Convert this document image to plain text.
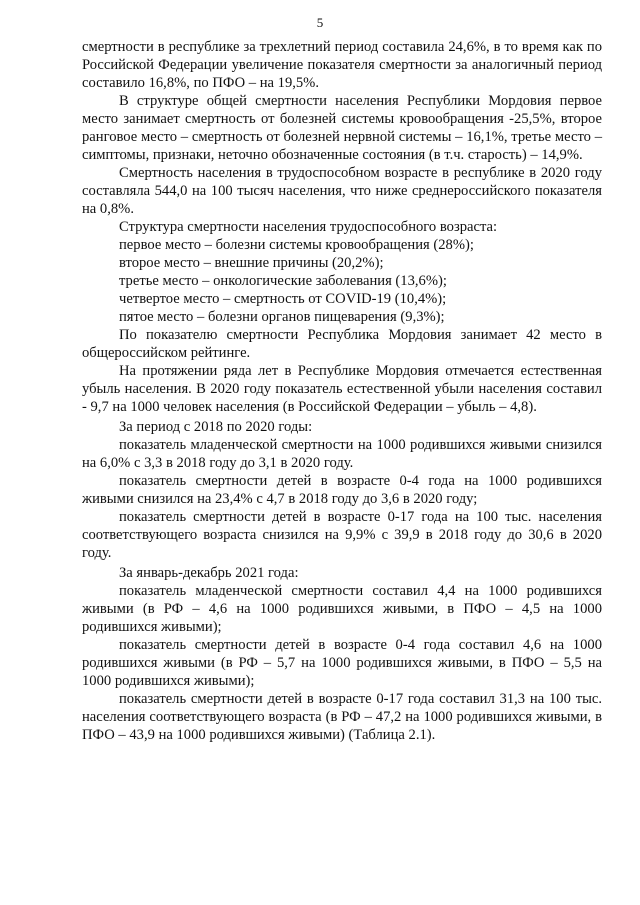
5

смертности в республике за трехлетний период составила 24,6%, в то время как по Российской Федерации увеличение показателя смертности за аналогичный период составило 16,8%, по ПФО – на 19,5%.

В структуре общей смертности населения Республики Мордовия первое место занимает смертность от болезней системы кровообращения -25,5%, второе ранговое место – смертность от болезней нервной системы – 16,1%, третье место – симптомы, признаки, неточно обозначенные состояния (в т.ч. старость) – 14,9%.

Смертность населения в трудоспособном возрасте в республике в 2020 году составляла 544,0 на 100 тысяч населения, что ниже среднероссийского показателя на 0,8%.

Структура смертности населения трудоспособного возраста:

первое место – болезни системы кровообращения (28%);

второе место – внешние причины (20,2%);

третье место – онкологические заболевания (13,6%);

четвертое место – смертность от COVID-19 (10,4%);

пятое место – болезни органов пищеварения (9,3%);

По показателю смертности Республика Мордовия занимает 42 место в общероссийском рейтинге.

На протяжении ряда лет в Республике Мордовия отмечается естественная убыль населения. В 2020 году показатель естественной убыли населения составил - 9,7 на 1000 человек населения (в Российской Федерации – убыль – 4,8).

За период с 2018 по 2020 годы:

показатель младенческой смертности на 1000 родившихся живыми снизился на 6,0% с 3,3 в 2018 году до 3,1 в 2020 году.

показатель смертности детей в возрасте 0-4 года на 1000 родившихся живыми снизился на 23,4% с 4,7 в 2018 году до 3,6 в 2020 году;

показатель смертности детей в возрасте 0-17 года на 100 тыс. населения соответствующего возраста снизился на 9,9% с 39,9 в 2018 году до 30,6 в 2020 году.

За январь-декабрь 2021 года:

показатель младенческой смертности составил 4,4 на 1000 родившихся живыми (в РФ – 4,6 на 1000 родившихся живыми, в ПФО – 4,5 на 1000 родившихся живыми);

показатель смертности детей в возрасте 0-4 года составил 4,6 на 1000 родившихся живыми (в РФ – 5,7 на 1000 родившихся живыми, в ПФО – 5,5 на 1000 родившихся живыми);

показатель смертности детей в возрасте 0-17 года составил 31,3 на 100 тыс. населения соответствующего возраста (в РФ – 47,2 на 1000 родившихся живыми, в ПФО – 43,9 на 1000 родившихся живыми) (Таблица 2.1).
